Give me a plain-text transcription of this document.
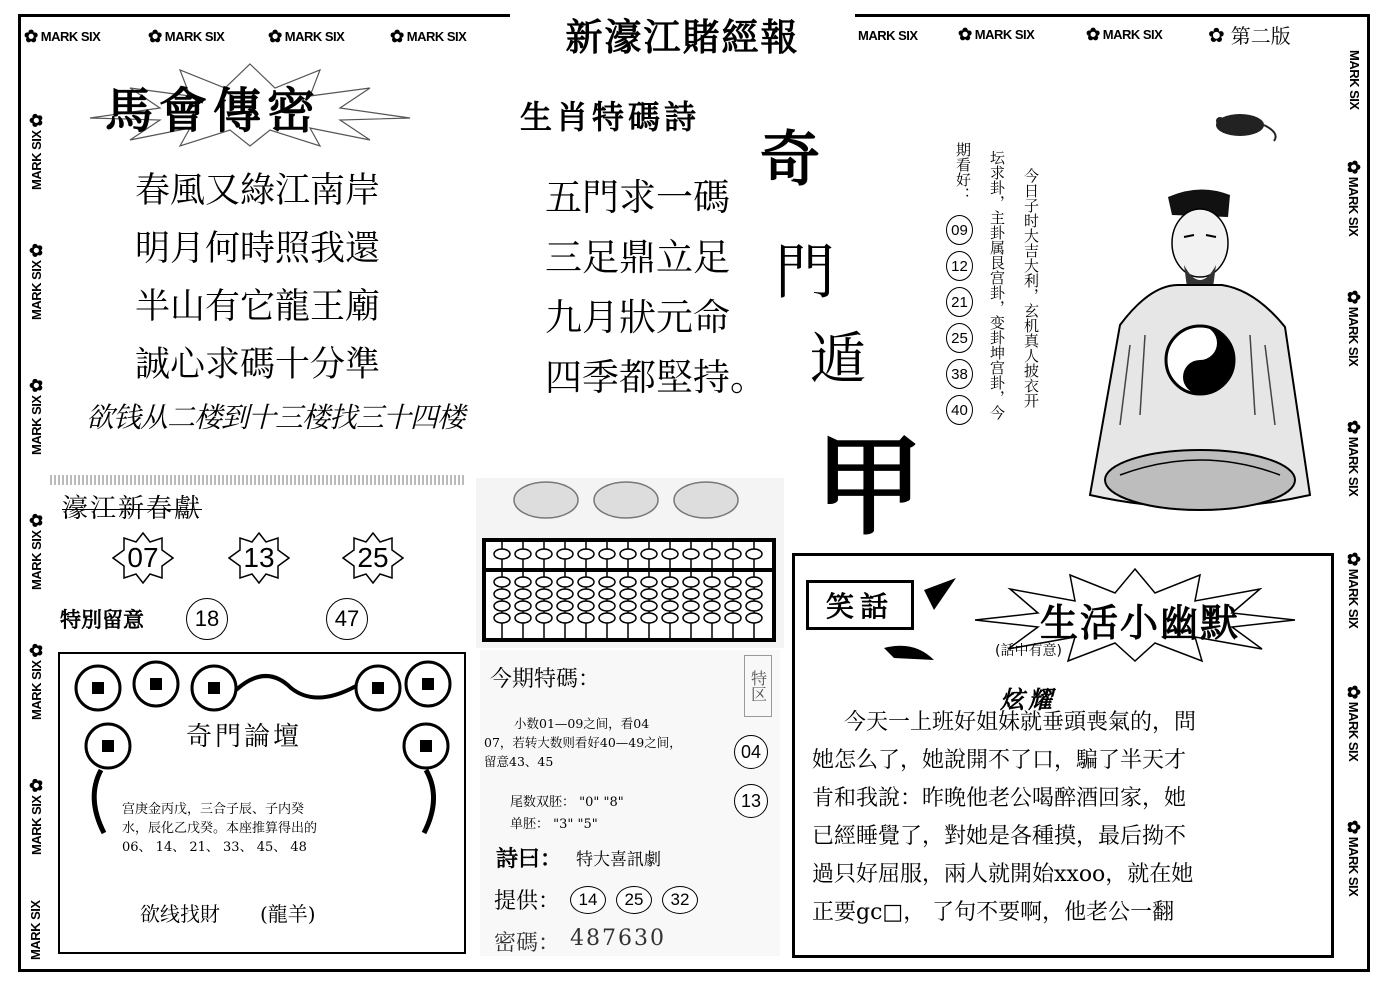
新濠江賭經報	✿ 第二版
✿ MARK SIX	✿ MARK SIX	✿ MARK SIX	✿ MARK SIX	MARK SIX ✿ MARK SIX	✿ MARK SIX
MARK SIX
✿
MARK SIX
✿
MARK SIX
✿
MARK SIX
✿
MARK SIX
✿
MARK SIX
✿
MARK SIX
MARK SIX
✿
MARK SIX
✿
MARK SIX
✿
MARK SIX
✿
MARK SIX
✿
MARK SIX
✿
MARK SIX
馬會傳密
春風又綠江南岸
明月何時照我還
半山有它龍王廟
誠心求碼十分準
欲钱从二楼到十三楼找三十四楼
生肖特碼詩
五門求一碼
三足鼎立足
九月狀元命
四季都堅持。
奇
門
遁
甲
今日子时大吉大利，玄机真人披衣开
坛求卦，主卦属艮宫卦，变卦坤宫卦，今
期看好：
09
12
21
25
38
40
濠江新春獻
07	13	25
特別留意	18	47
奇門論壇
宫庚金丙戊，三合子辰、子内癸
水，辰化乙戊癸。本座推算得出的
06、 14、 21、 33、 45、 48
欲线找財 (龍羊)
特区
今期特碼：
小数01—09之间，看04
07，若转大数则看好40—49之间，
留意43、45
尾数双胚： "0" "8"
单胚： "3" "5"
04
13
詩曰： 特大喜訊劇
提供：	14	25	32
密碼： 487630
笑話	生活小幽默
(話中有意)
炫耀
今天一上班好姐妹就垂頭喪氣的，問
她怎么了，她說開不了口，騙了半天才
肯和我說：昨晚他老公喝醉酒回家，她
已經睡覺了，對她是各種摸，最后拗不
過只好屈服，兩人就開始xxoo，就在她
正要gc□， 了句不要啊，他老公一翻
